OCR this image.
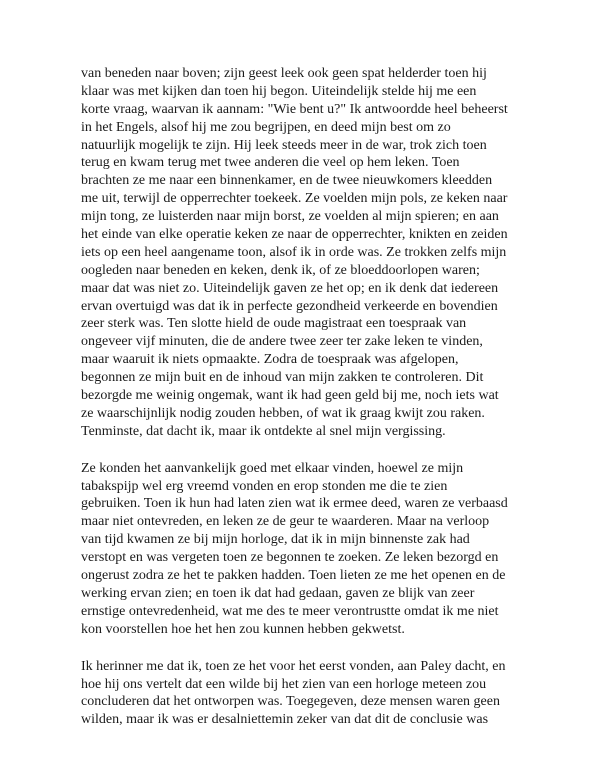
van beneden naar boven; zijn geest leek ook geen spat helderder toen hij
klaar was met kijken dan toen hij begon. Uiteindelijk stelde hij me een
korte vraag, waarvan ik aannam: "Wie bent u?" Ik antwoordde heel beheerst
in het Engels, alsof hij me zou begrijpen, en deed mijn best om zo
natuurlijk mogelijk te zijn. Hij leek steeds meer in de war, trok zich toen
terug en kwam terug met twee anderen die veel op hem leken. Toen
brachten ze me naar een binnenkamer, en de twee nieuwkomers kleedden
me uit, terwijl de opperrechter toekeek. Ze voelden mijn pols, ze keken naar
mijn tong, ze luisterden naar mijn borst, ze voelden al mijn spieren; en aan
het einde van elke operatie keken ze naar de opperrechter, knikten en zeiden
iets op een heel aangename toon, alsof ik in orde was. Ze trokken zelfs mijn
oogleden naar beneden en keken, denk ik, of ze bloeddoorlopen waren;
maar dat was niet zo. Uiteindelijk gaven ze het op; en ik denk dat iedereen
ervan overtuigd was dat ik in perfecte gezondheid verkeerde en bovendien
zeer sterk was. Ten slotte hield de oude magistraat een toespraak van
ongeveer vijf minuten, die de andere twee zeer ter zake leken te vinden,
maar waaruit ik niets opmaakte. Zodra de toespraak was afgelopen,
begonnen ze mijn buit en de inhoud van mijn zakken te controleren. Dit
bezorgde me weinig ongemak, want ik had geen geld bij me, noch iets wat
ze waarschijnlijk nodig zouden hebben, of wat ik graag kwijt zou raken.
Tenminste, dat dacht ik, maar ik ontdekte al snel mijn vergissing.
Ze konden het aanvankelijk goed met elkaar vinden, hoewel ze mijn
tabakspijp wel erg vreemd vonden en erop stonden me die te zien
gebruiken. Toen ik hun had laten zien wat ik ermee deed, waren ze verbaasd
maar niet ontevreden, en leken ze de geur te waarderen. Maar na verloop
van tijd kwamen ze bij mijn horloge, dat ik in mijn binnenste zak had
verstopt en was vergeten toen ze begonnen te zoeken. Ze leken bezorgd en
ongerust zodra ze het te pakken hadden. Toen lieten ze me het openen en de
werking ervan zien; en toen ik dat had gedaan, gaven ze blijk van zeer
ernstige ontevredenheid, wat me des te meer verontrustte omdat ik me niet
kon voorstellen hoe het hen zou kunnen hebben gekwetst.
Ik herinner me dat ik, toen ze het voor het eerst vonden, aan Paley dacht, en
hoe hij ons vertelt dat een wilde bij het zien van een horloge meteen zou
concluderen dat het ontworpen was. Toegegeven, deze mensen waren geen
wilden, maar ik was er desalniettemin zeker van dat dit de conclusie was
